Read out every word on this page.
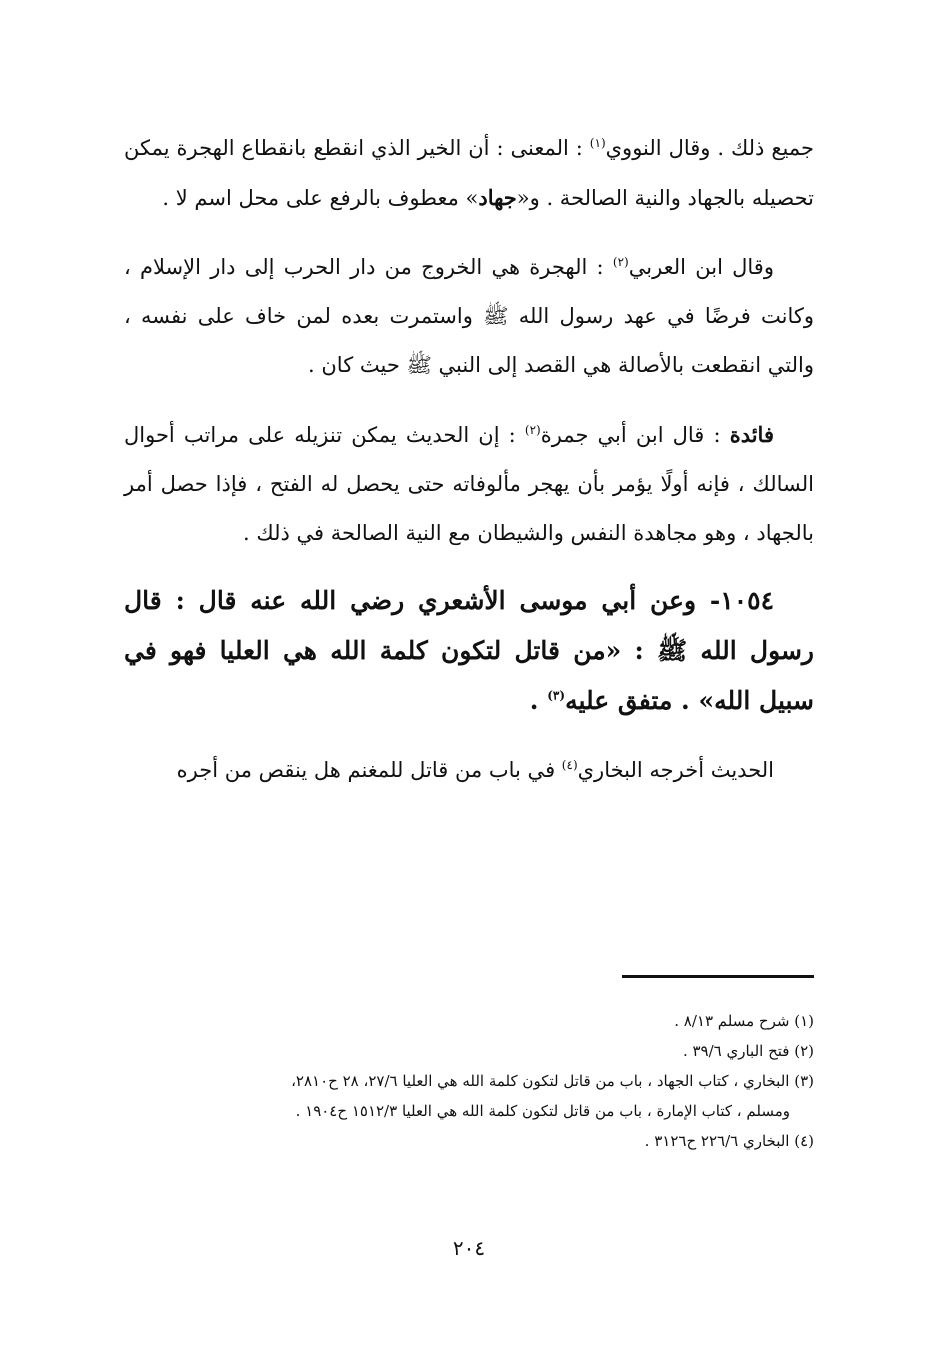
جميع ذلك . وقال النووي$^{(١)}$ : المعنى : أن الخير الذي انقطع بانقطاع الهجرة يمكن تحصيله بالجهاد والنية الصالحة . و«جهاد» معطوف بالرفع على محل اسم لا .

وقال ابن العربي$^{(٢)}$ : الهجرة هي الخروج من دار الحرب إلى دار الإسلام ، وكانت فرضًا في عهد رسول الله ﷺ واستمرت بعده لمن خاف على نفسه ، والتي انقطعت بالأصالة هي القصد إلى النبي ﷺ حيث كان .

فائدة : قال ابن أبي جمرة$^{(٢)}$ : إن الحديث يمكن تنزيله على مراتب أحوال السالك ، فإنه أولًا يؤمر بأن يهجر مألوفاته حتى يحصل له الفتح ، فإذا حصل أمر بالجهاد ، وهو مجاهدة النفس والشيطان مع النية الصالحة في ذلك .

١٠٥٤- وعن أبي موسى الأشعري رضي الله عنه قال : قال رسول الله ﷺ : «من قاتل لتكون كلمة الله هي العليا فهو في سبيل الله» . متفق عليه$^{(٣)}$ .

الحديث أخرجه البخاري$^{(٤)}$ في باب من قاتل للمغنم هل ينقص من أجره

(١) شرح مسلم ٨/١٣ .

(٢) فتح الباري ٣٩/٦ .

(٣) البخاري ، كتاب الجهاد ، باب من قاتل لتكون كلمة الله هي العليا ٢٧/٦، ٢٨ ح٢٨١٠،

ومسلم ، كتاب الإمارة ، باب من قاتل لتكون كلمة الله هي العليا ١٥١٢/٣ ح١٩٠٤ .

(٤) البخاري ٢٢٦/٦ ح٣١٢٦ .

٢٠٤
